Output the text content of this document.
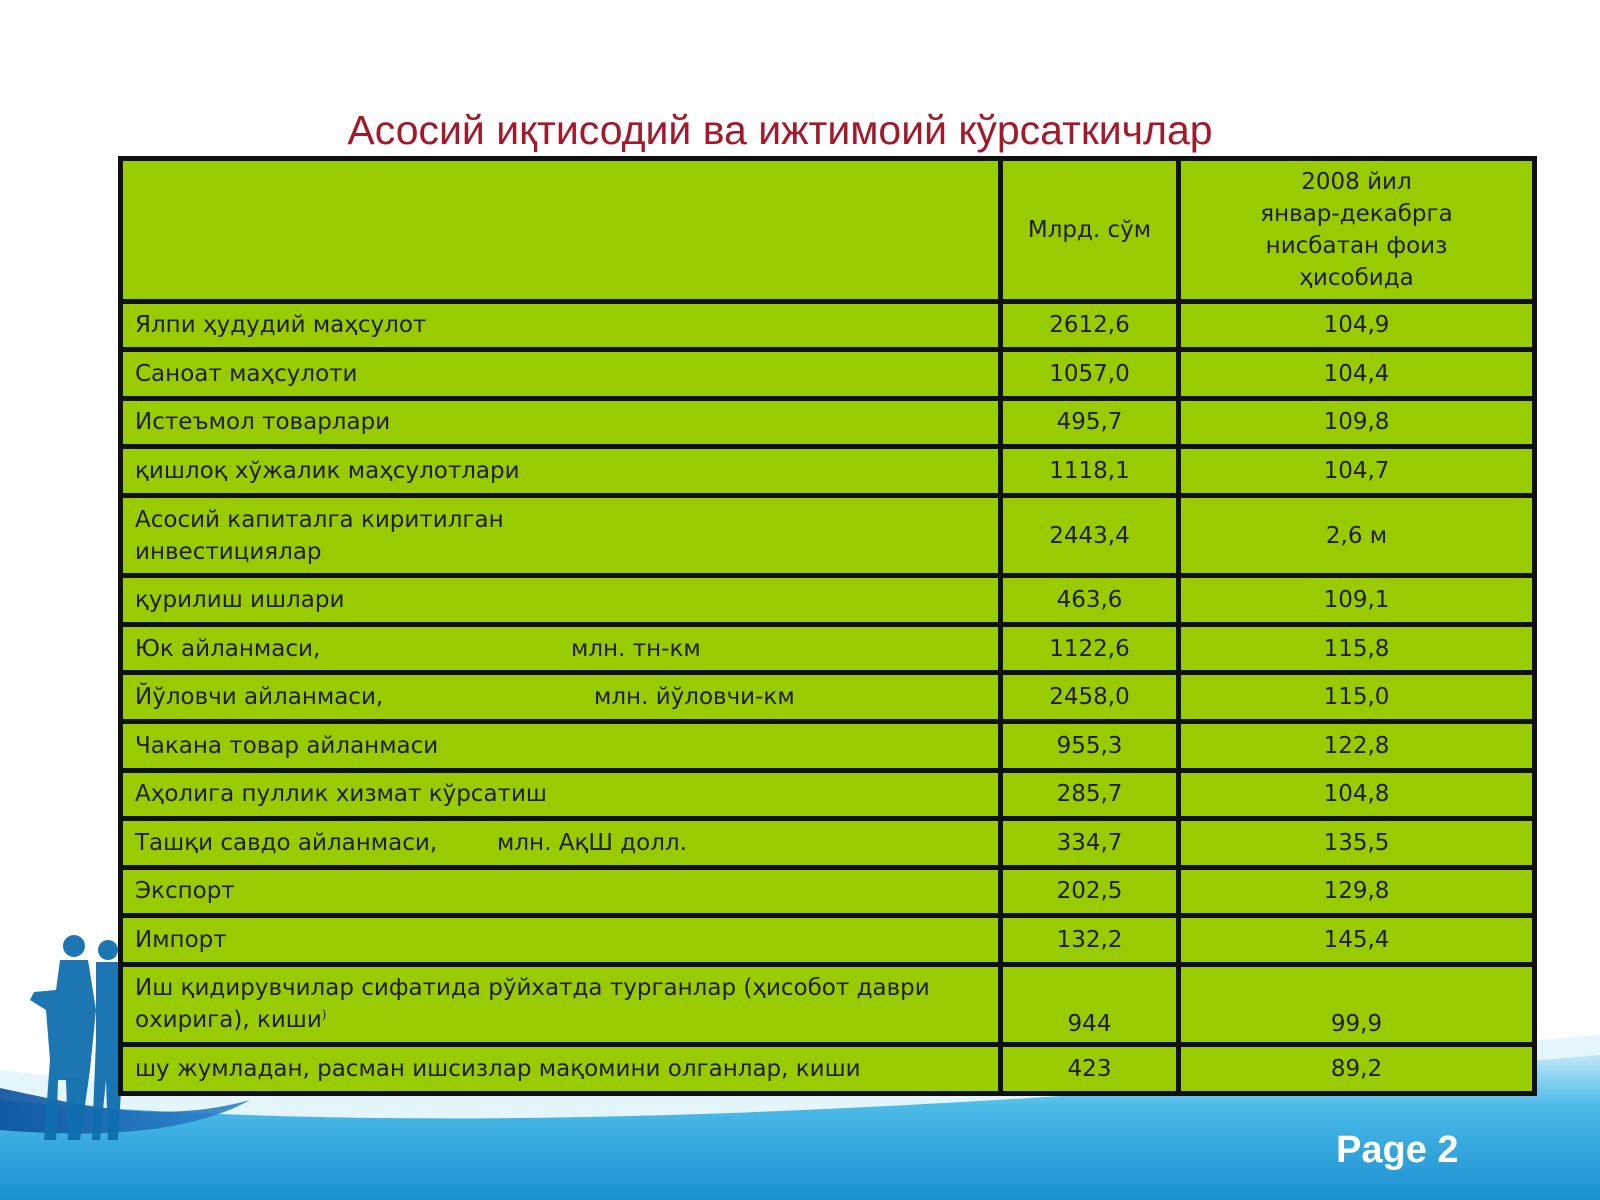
Асосий иқтисодий ва ижтимоий кўрсаткичлар
	Млрд. сўм	2008 йил
январ-декабрга
нисбатан фоиз
ҳисобида
Ялпи ҳудудий маҳсулот	2612,6	104,9
Саноат маҳсулоти	1057,0	104,4
Истеъмол товарлари	495,7	109,8
қишлоқ хўжалик маҳсулотлари	1118,1	104,7
Асосий капиталга киритилган
инвестициялар	2443,4	2,6 м
қурилиш ишлари	463,6	109,1
Юк айланмаси, млн. тн-км	1122,6	115,8
Йўловчи айланмаси, млн. йўловчи-км	2458,0	115,0
Чакана товар айланмаси	955,3	122,8
Аҳолига пуллик хизмат кўрсатиш	285,7	104,8
Ташқи савдо айланмаси, млн. АқШ долл.	334,7	135,5
Экспорт	202,5	129,8
Импорт	132,2	145,4
Иш қидирувчилар сифатида рўйхатда турганлар (ҳисобот даври
охирига), киши)	944	99,9
шу жумладан, расман ишсизлар мақомини олганлар, киши	423	89,2
Page 2
